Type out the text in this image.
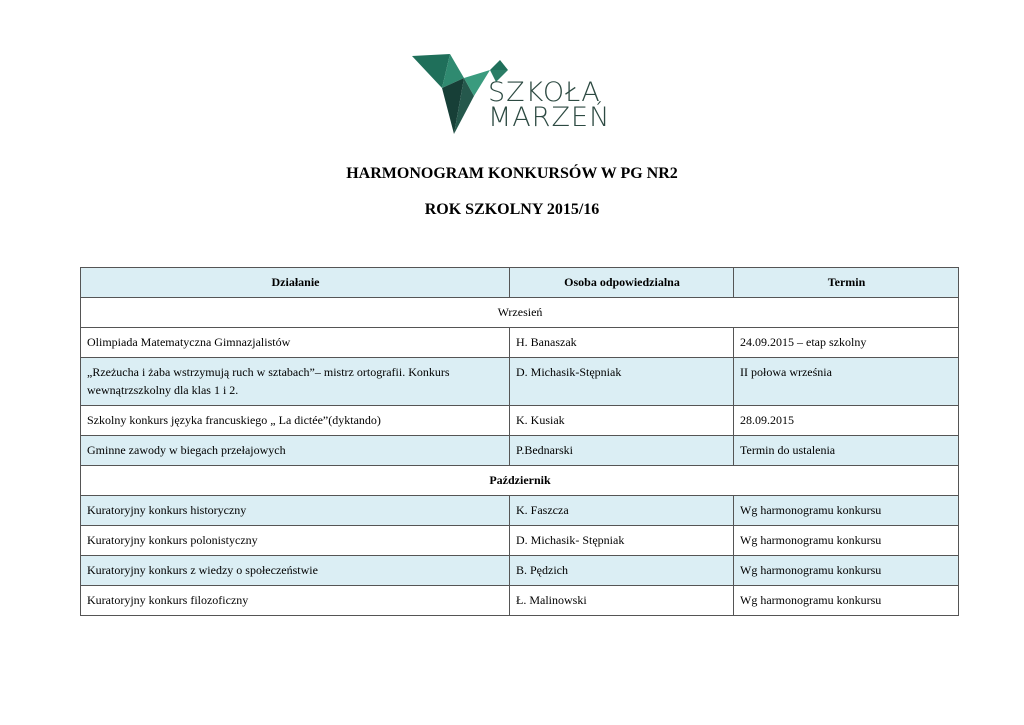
SZKOŁA
MARZEŃ
HARMONOGRAM KONKURSÓW W PG NR2
ROK SZKOLNY 2015/16
Działanie	Osoba odpowiedzialna	Termin
Wrzesień		
Olimpiada Matematyczna Gimnazjalistów	H. Banaszak	24.09.2015 – etap szkolny
„Rzeżucha i żaba wstrzymują ruch w sztabach”– mistrz ortografii. Konkurs wewnątrzszkolny dla klas 1 i 2.	D. Michasik-Stępniak	II połowa września
Szkolny konkurs języka francuskiego „ La dictée”(dyktando)	K. Kusiak	28.09.2015
Gminne zawody w biegach przełajowych	P.Bednarski	Termin do ustalenia
Październik		
Kuratoryjny konkurs historyczny	K. Faszcza	Wg harmonogramu konkursu
Kuratoryjny konkurs polonistyczny	D. Michasik- Stępniak	Wg harmonogramu konkursu
Kuratoryjny konkurs z wiedzy o społeczeństwie	B. Pędzich	Wg harmonogramu konkursu
Kuratoryjny konkurs filozoficzny	Ł. Malinowski	Wg harmonogramu konkursu
